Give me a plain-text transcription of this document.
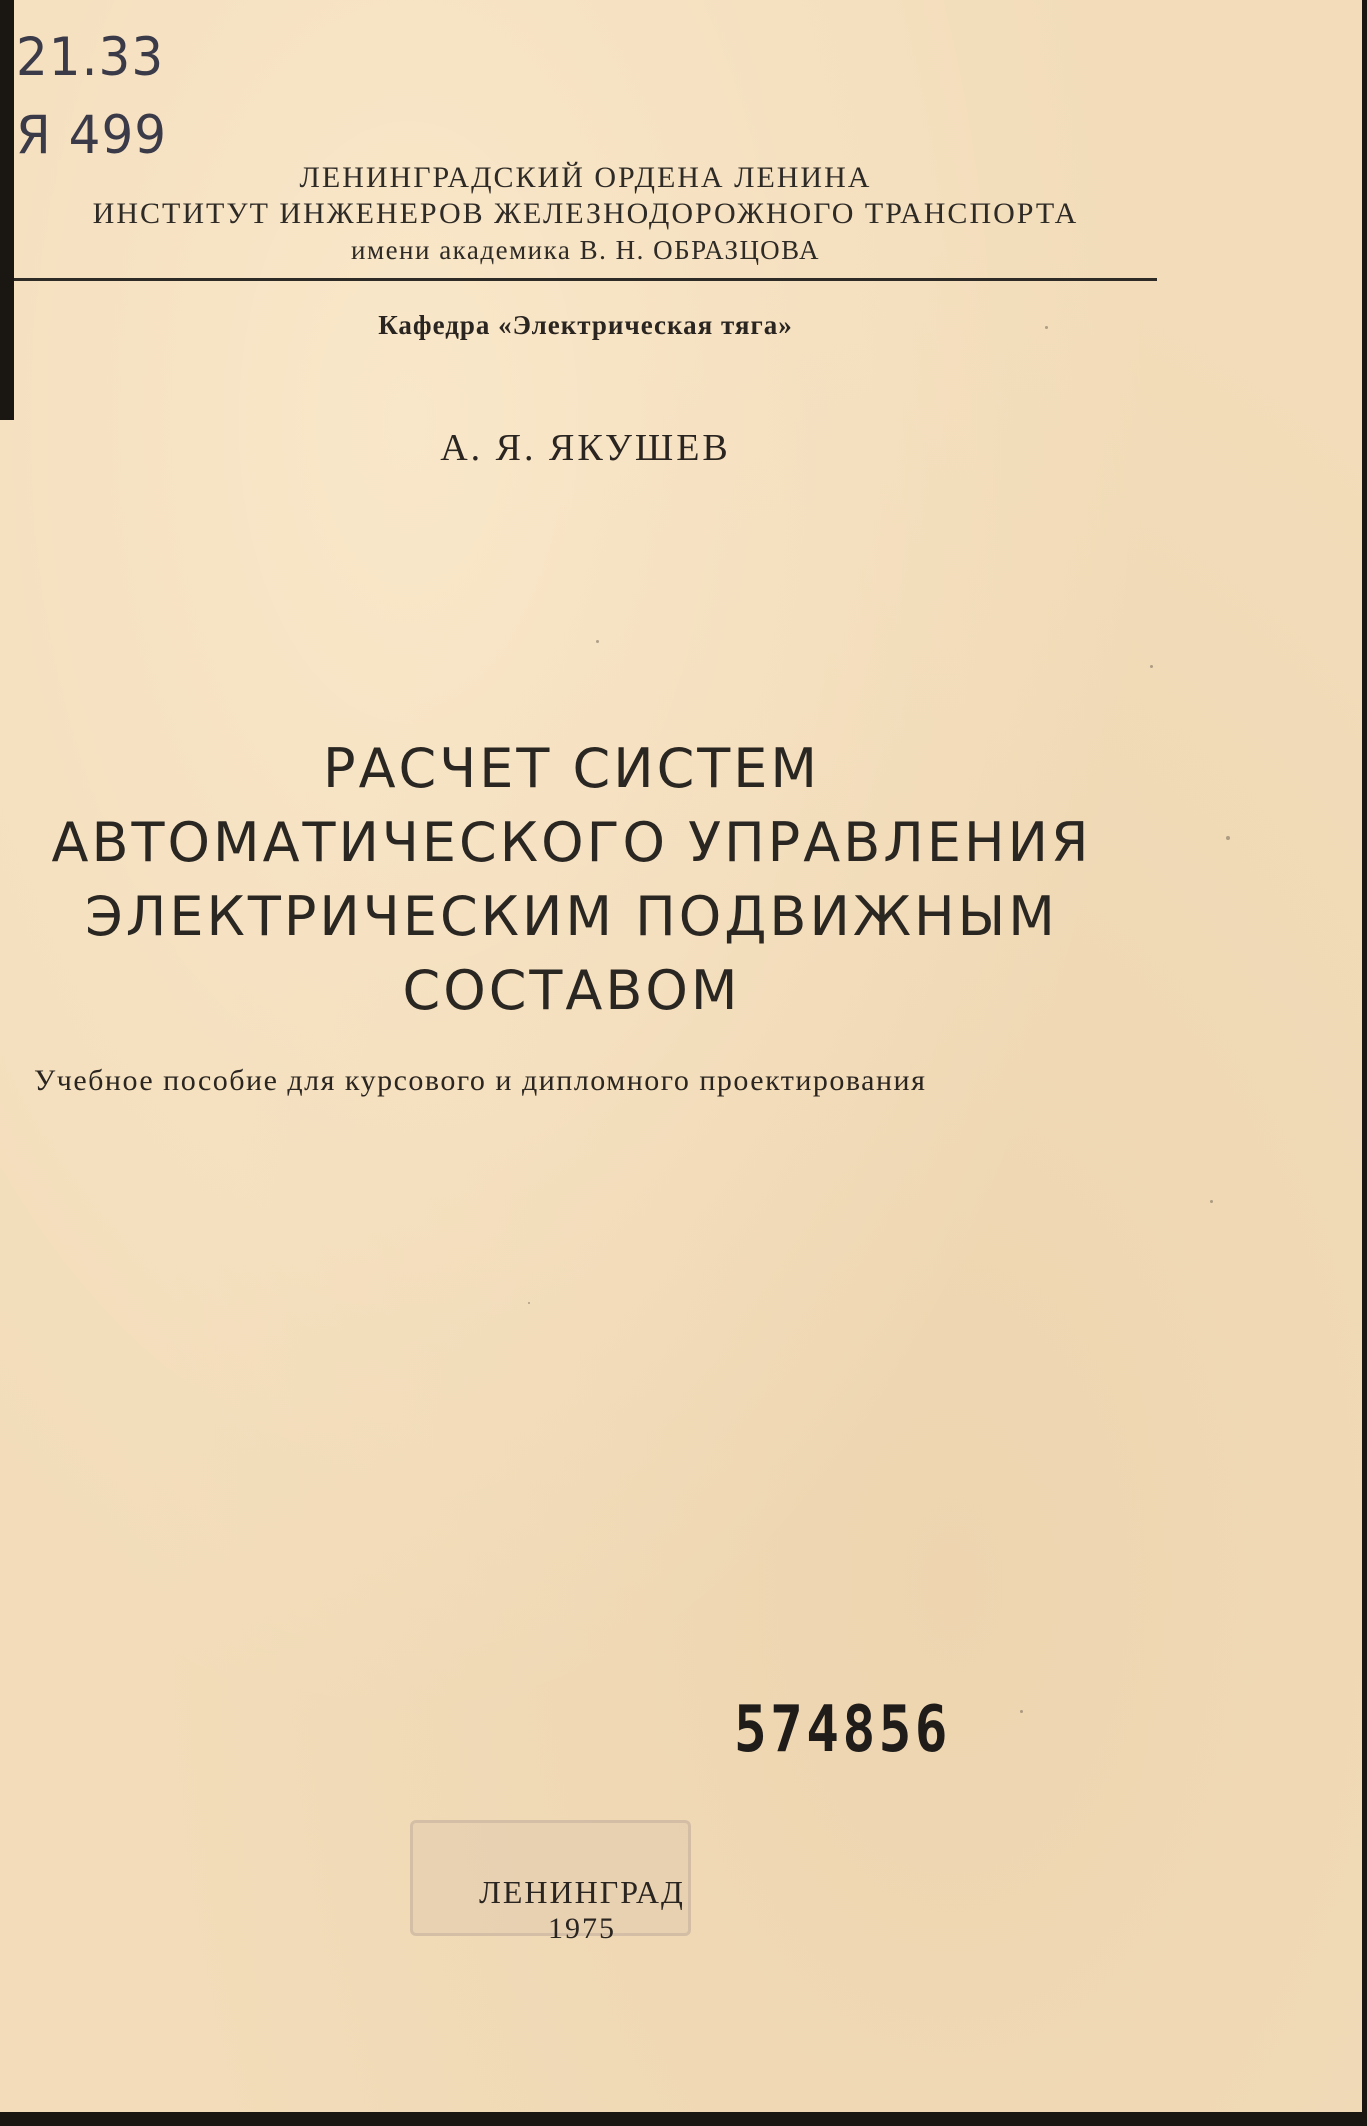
21.33
Я 499
ЛЕНИНГРАДСКИЙ ОРДЕНА ЛЕНИНА
ИНСТИТУТ ИНЖЕНЕРОВ ЖЕЛЕЗНОДОРОЖНОГО ТРАНСПОРТА
имени академика В. Н. ОБРАЗЦОВА
Кафедра «Электрическая тяга»
А. Я. ЯКУШЕВ
РАСЧЕТ СИСТЕМ
АВТОМАТИЧЕСКОГО УПРАВЛЕНИЯ
ЭЛЕКТРИЧЕСКИМ ПОДВИЖНЫМ
СОСТАВОМ
Учебное пособие для курсового и дипломного проектирования
574856
ЛЕНИНГРАД
1975
